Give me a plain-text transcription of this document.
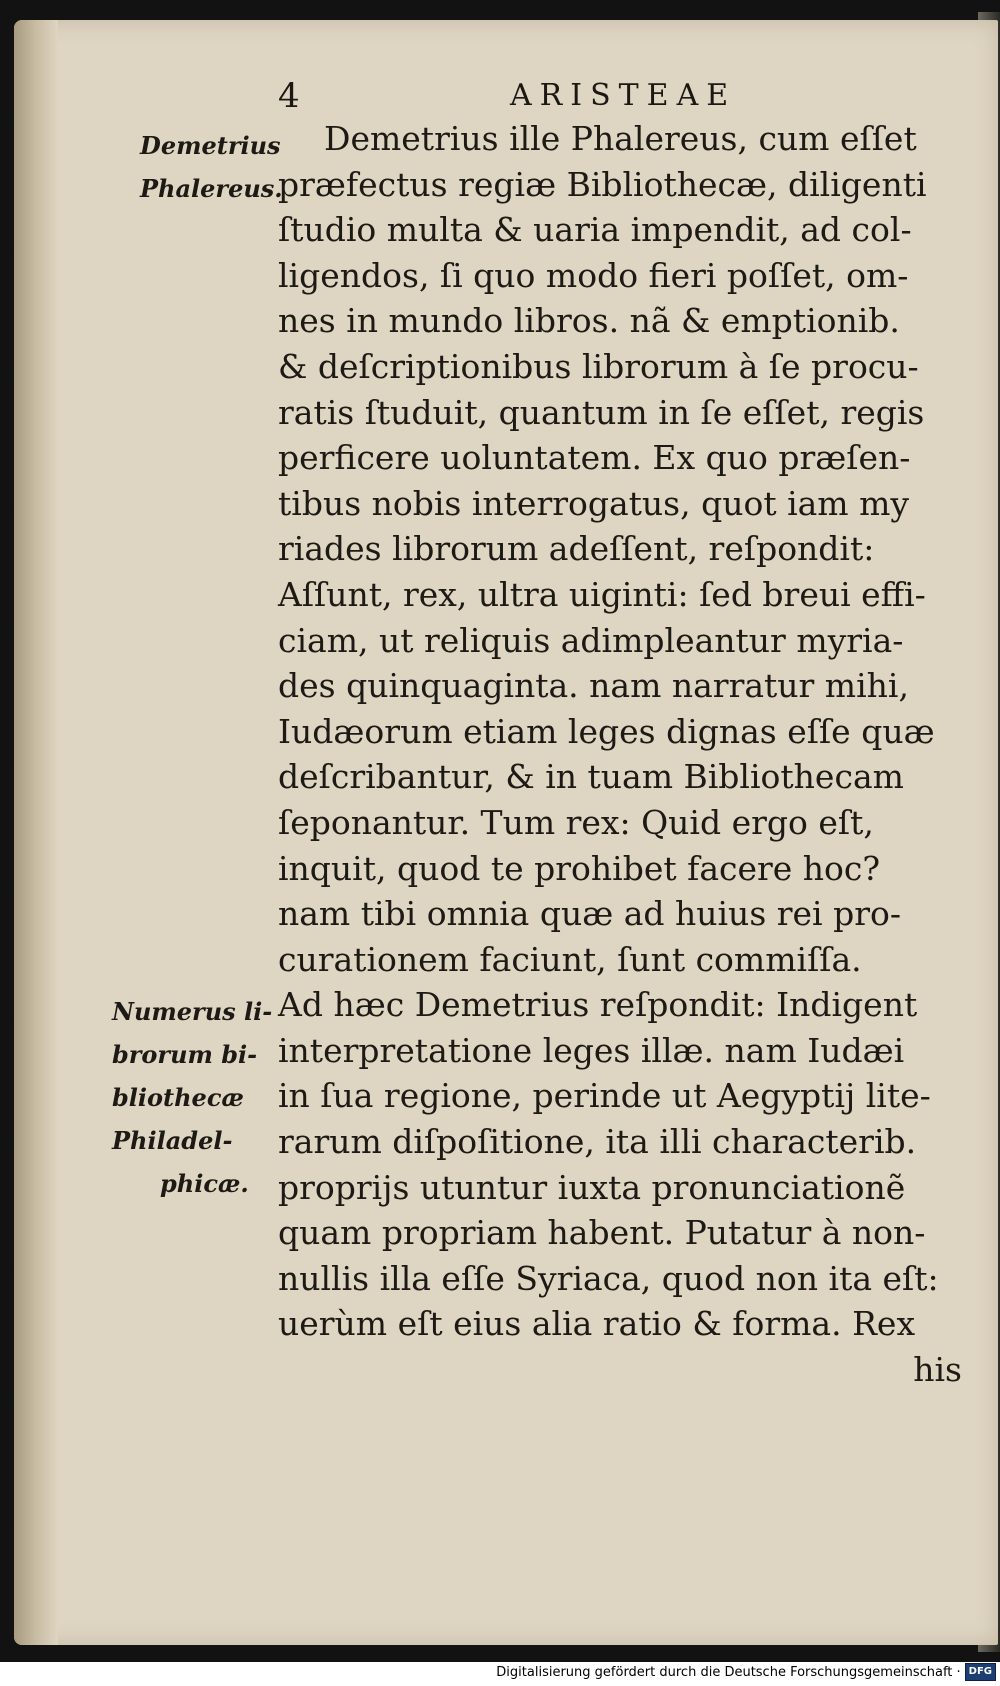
4	ARISTEAE
Demetrius
Phalereus.
Numerus li-
brorum bi-
bliothecæ
Philadel-
phicæ.
Demetrius ille Phalereus, cum eſſet
præfectus regiæ Bibliothecæ, diligenti
ſtudio multa & uaria impendit, ad col-
ligendos, ſi quo modo fieri poſſet, om-
nes in mundo libros. nã & emptionib.
& deſcriptionibus librorum à ſe procu-
ratis ſtuduit, quantum in ſe eſſet, regis
perficere uoluntatem. Ex quo præſen-
tibus nobis interrogatus, quot iam my
riades librorum adeſſent, reſpondit:
Aſſunt, rex, ultra uiginti: ſed breui effi-
ciam, ut reliquis adimpleantur myria-
des quinquaginta. nam narratur mihi,
Iudæorum etiam leges dignas eſſe quæ
deſcribantur, & in tuam Bibliothecam
ſeponantur. Tum rex: Quid ergo eſt,
inquit, quod te prohibet facere hoc?
nam tibi omnia quæ ad huius rei pro-
curationem faciunt, ſunt commiſſa.
Ad hæc Demetrius reſpondit: Indigent
interpretatione leges illæ. nam Iudæi
in ſua regione, perinde ut Aegyptij lite-
rarum diſpoſitione, ita illi characterib.
proprijs utuntur iuxta pronunciationẽ
quam propriam habent. Putatur à non-
nullis illa eſſe Syriaca, quod non ita eſt:
uerùm eſt eius alia ratio & forma. Rex
his
Digitalisierung gefördert durch die Deutsche Forschungsgemeinschaft · DFG
